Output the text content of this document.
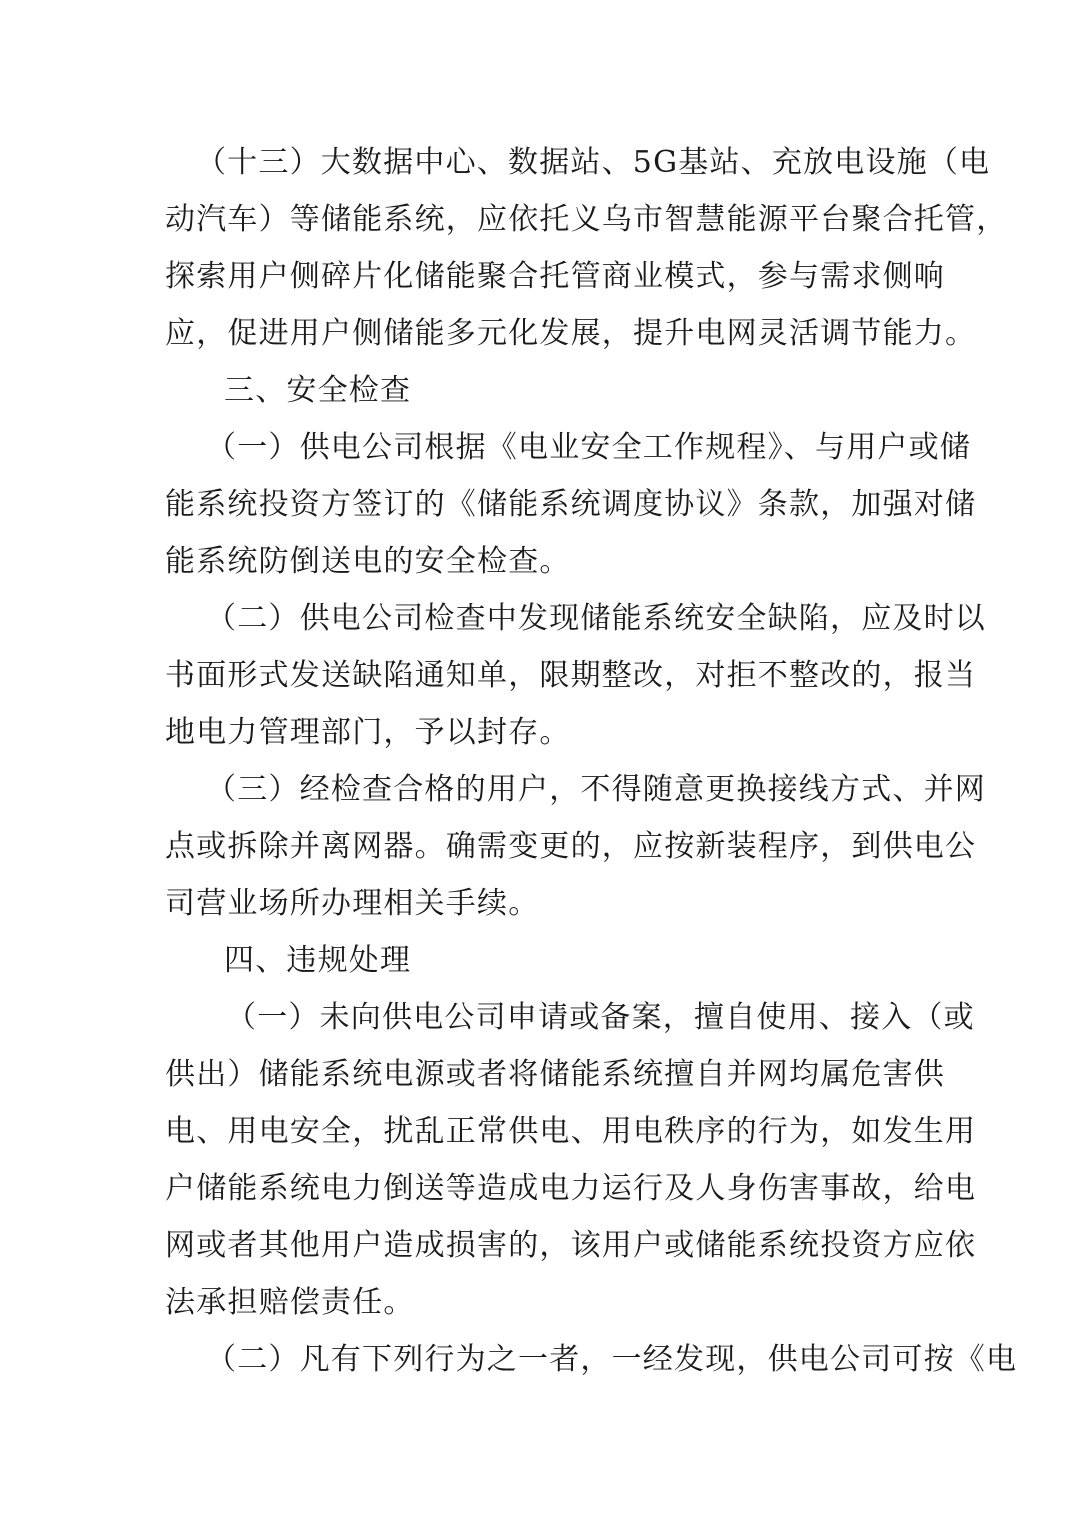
（十三）大数据中心、数据站、5G基站、充放电设施（电
动汽车）等储能系统，应依托义乌市智慧能源平台聚合托管，
探索用户侧碎片化储能聚合托管商业模式，参与需求侧响
应，促进用户侧储能多元化发展，提升电网灵活调节能力。
三、安全检查
（一）供电公司根据《电业安全工作规程》、与用户或储
能系统投资方签订的《储能系统调度协议》条款，加强对储
能系统防倒送电的安全检查。
（二）供电公司检查中发现储能系统安全缺陷，应及时以
书面形式发送缺陷通知单，限期整改，对拒不整改的，报当
地电力管理部门，予以封存。
（三）经检查合格的用户，不得随意更换接线方式、并网
点或拆除并离网器。确需变更的，应按新装程序，到供电公
司营业场所办理相关手续。
四、违规处理
（一）未向供电公司申请或备案，擅自使用、接入（或
供出）储能系统电源或者将储能系统擅自并网均属危害供
电、用电安全，扰乱正常供电、用电秩序的行为，如发生用
户储能系统电力倒送等造成电力运行及人身伤害事故，给电
网或者其他用户造成损害的，该用户或储能系统投资方应依
法承担赔偿责任。
（二）凡有下列行为之一者，一经发现，供电公司可按《电
